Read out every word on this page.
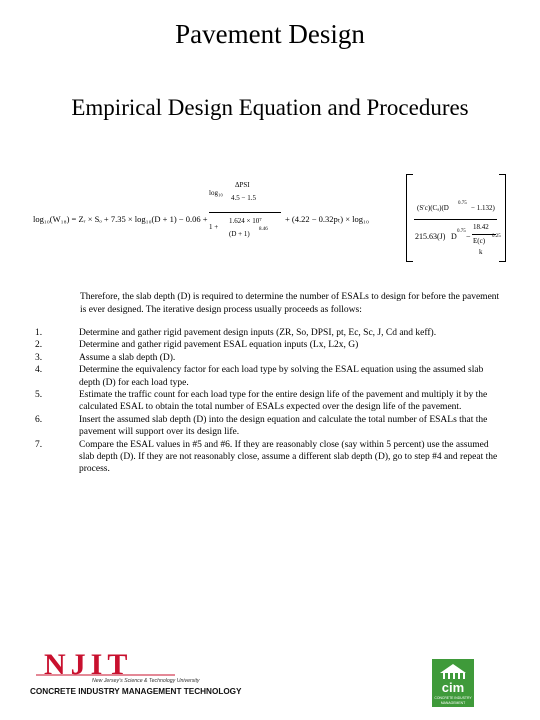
Pavement Design
Empirical Design Equation and Procedures
log₁₀(W₁₈) = Zᵣ × Sₒ + 7.35 × log₁₀(D + 1) − 0.06 +
log₁₀
ΔPSI
4.5 − 1.5
1 +
1.624 × 10⁷
(D + 1)
8.46
+ (4.22 − 0.32pₜ) × log₁₀
(S′c)(Cₐ)(D
0.75
− 1.132)
215.63(J) D
0.75
−
18.42
E(c)
0.25
k
Therefore, the slab depth (D) is required to determine the number of ESALs to design for before the pavement is ever designed. The iterative design process usually proceeds as follows:
1.	Determine and gather rigid pavement design inputs (ZR, So, DPSI, pt, Ec, Sc, J, Cd and keff).
2.	Determine and gather rigid pavement ESAL equation inputs (Lx, L2x, G)
3.	Assume a slab depth (D).
4.	Determine the equivalency factor for each load type by solving the ESAL equation using the assumed slab depth (D) for each load type.
5.	Estimate the traffic count for each load type for the entire design life of the pavement and multiply it by the calculated ESAL to obtain the total number of ESALs expected over the design life of the pavement.
6.	Insert the assumed slab depth (D) into the design equation and calculate the total number of ESALs that the pavement will support over its design life.
7.	Compare the ESAL values in #5 and #6. If they are reasonably close (say within 5 percent) use the assumed slab depth (D). If they are not reasonably close, assume a different slab depth (D), go to step #4 and repeat the process.
NJIT
New Jersey's Science & Technology University
CONCRETE INDUSTRY MANAGEMENT TECHNOLOGY	cim
CONCRETE INDUSTRY
MANAGEMENT
